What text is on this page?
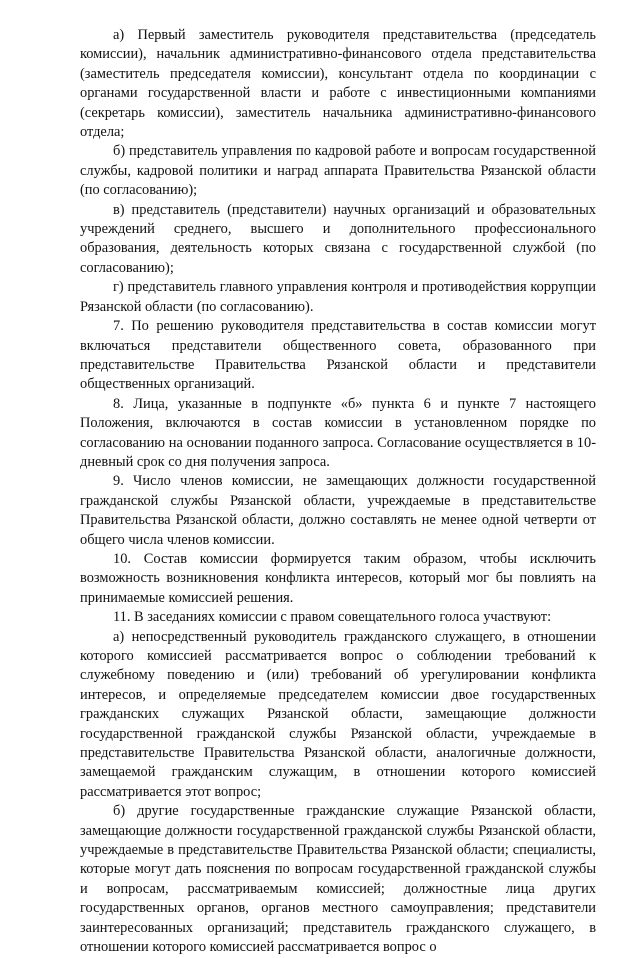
а) Первый заместитель руководителя представительства (председатель комиссии), начальник административно-финансового отдела представительства (заместитель председателя комиссии), консультант отдела по координации с органами государственной власти и работе с инвестиционными компаниями (секретарь комиссии), заместитель начальника административно-финансового отдела;

б) представитель управления по кадровой работе и вопросам государственной службы, кадровой политики и наград аппарата Правительства Рязанской области (по согласованию);

в) представитель (представители) научных организаций и образовательных учреждений среднего, высшего и дополнительного профессионального образования, деятельность которых связана с государственной службой (по согласованию);

г) представитель главного управления контроля и противодействия коррупции Рязанской области (по согласованию).

7. По решению руководителя представительства в состав комиссии могут включаться представители общественного совета, образованного при представительстве Правительства Рязанской области и представители общественных организаций.

8. Лица, указанные в подпункте «б» пункта 6 и пункте 7 настоящего Положения, включаются в состав комиссии в установленном порядке по согласованию на основании поданного запроса. Согласование осуществляется в 10-дневный срок со дня получения запроса.

9. Число членов комиссии, не замещающих должности государственной гражданской службы Рязанской области, учреждаемые в представительстве Правительства Рязанской области, должно составлять не менее одной четверти от общего числа членов комиссии.

10. Состав комиссии формируется таким образом, чтобы исключить возможность возникновения конфликта интересов, который мог бы повлиять на принимаемые комиссией решения.

11. В заседаниях комиссии с правом совещательного голоса участвуют:

а) непосредственный руководитель гражданского служащего, в отношении которого комиссией рассматривается вопрос о соблюдении требований к служебному поведению и (или) требований об урегулировании конфликта интересов, и определяемые председателем комиссии двое государственных гражданских служащих Рязанской области, замещающие должности государственной гражданской службы Рязанской области, учреждаемые в представительстве Правительства Рязанской области, аналогичные должности, замещаемой гражданским служащим, в отношении которого комиссией рассматривается этот вопрос;

б) другие государственные гражданские служащие Рязанской области, замещающие должности государственной гражданской службы Рязанской области, учреждаемые в представительстве Правительства Рязанской области; специалисты, которые могут дать пояснения по вопросам государственной гражданской службы и вопросам, рассматриваемым комиссией; должностные лица других государственных органов, органов местного самоуправления; представители заинтересованных организаций; представитель гражданского служащего, в отношении которого комиссией рассматривается вопрос о
